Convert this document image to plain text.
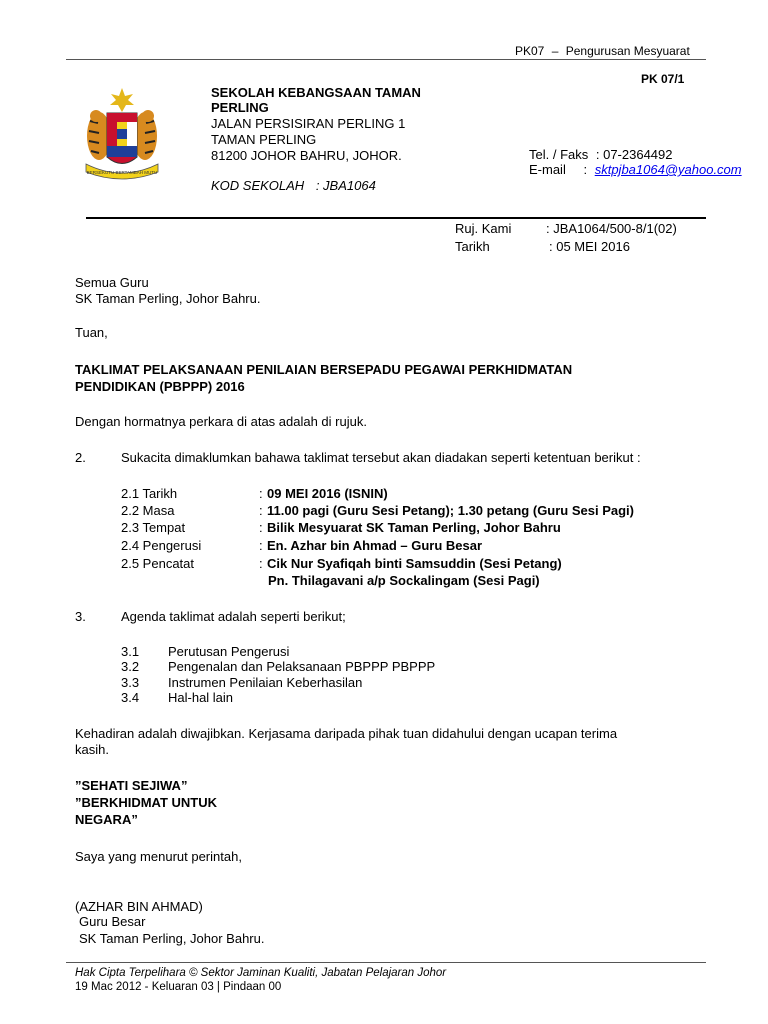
PK07 – Pengurusan Mesyuarat
PK 07/1
BERSEKUTU BERTAMBAH MUTU
SEKOLAH KEBANGSAAN TAMAN
PERLING
JALAN PERSISIRAN PERLING 1
TAMAN PERLING
81200 JOHOR BAHRU, JOHOR.
KOD SEKOLAH : JBA1064
Tel. / Faks : 07-2364492
E-mail : sktpjba1064@yahoo.com
Ruj. Kami	: JBA1064/500-8/1(02)
Tarikh	: 05 MEI 2016
Semua Guru
SK Taman Perling, Johor Bahru.
Tuan,
TAKLIMAT PELAKSANAAN PENILAIAN BERSEPADU PEGAWAI PERKHIDMATAN
PENDIDIKAN (PBPPP) 2016
Dengan hormatnya perkara di atas adalah di rujuk.
2.	Sukacita dimaklumkan bahawa taklimat tersebut akan diadakan seperti ketentuan berikut :
2.1 Tarikh	: 09 MEI 2016 (ISNIN)
2.2 Masa	: 11.00 pagi (Guru Sesi Petang); 1.30 petang (Guru Sesi Pagi)
2.3 Tempat	: Bilik Mesyuarat SK Taman Perling, Johor Bahru
2.4 Pengerusi	: En. Azhar bin Ahmad – Guru Besar
2.5 Pencatat	: Cik Nur Syafiqah binti Samsuddin (Sesi Petang)
Pn. Thilagavani a/p Sockalingam (Sesi Pagi)
3.	Agenda taklimat adalah seperti berikut;
3.1 Perutusan Pengerusi
3.2 Pengenalan dan Pelaksanaan PBPPP PBPPP
3.3 Instrumen Penilaian Keberhasilan
3.4 Hal-hal lain
Kehadiran adalah diwajibkan. Kerjasama daripada pihak tuan didahului dengan ucapan terima
kasih.
”SEHATI SEJIWA”
”BERKHIDMAT UNTUK
NEGARA”
Saya yang menurut perintah,
(AZHAR BIN AHMAD)
Guru Besar
SK Taman Perling, Johor Bahru.
Hak Cipta Terpelihara © Sektor Jaminan Kualiti, Jabatan Pelajaran Johor
19 Mac 2012 - Keluaran 03 | Pindaan 00
